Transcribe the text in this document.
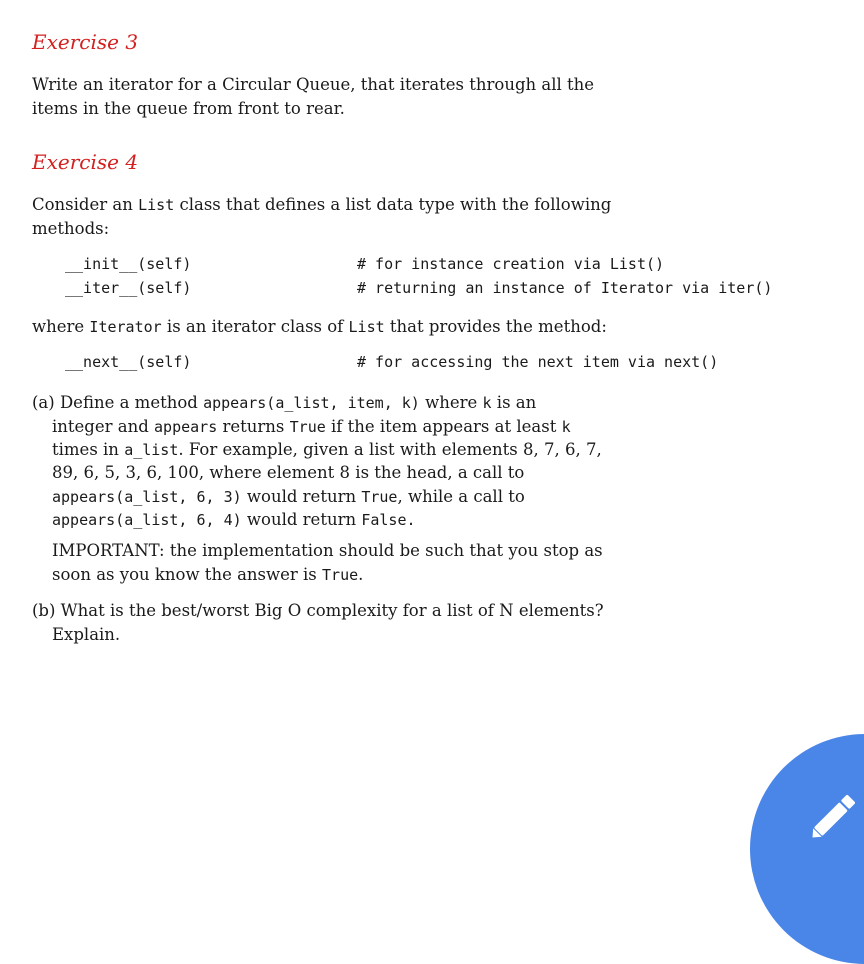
Exercise 3
Write an iterator for a Circular Queue, that iterates through all the
items in the queue from front to rear.
Exercise 4
Consider an List class that defines a list data type with the following
methods:
__init__(self)	# for instance creation via List()
__iter__(self)	# returning an instance of Iterator via iter()
where Iterator is an iterator class of List that provides the method:
__next__(self)	# for accessing the next item via next()
(a) Define a method appears(a_list, item, k) where k is an
integer and appears returns True if the item appears at least k
times in a_list. For example, given a list with elements 8, 7, 6, 7,
89, 6, 5, 3, 6, 100, where element 8 is the head, a call to
appears(a_list, 6, 3) would return True, while a call to
appears(a_list, 6, 4) would return False.
IMPORTANT: the implementation should be such that you stop as
soon as you know the answer is True.
(b) What is the best/worst Big O complexity for a list of N elements?
Explain.
